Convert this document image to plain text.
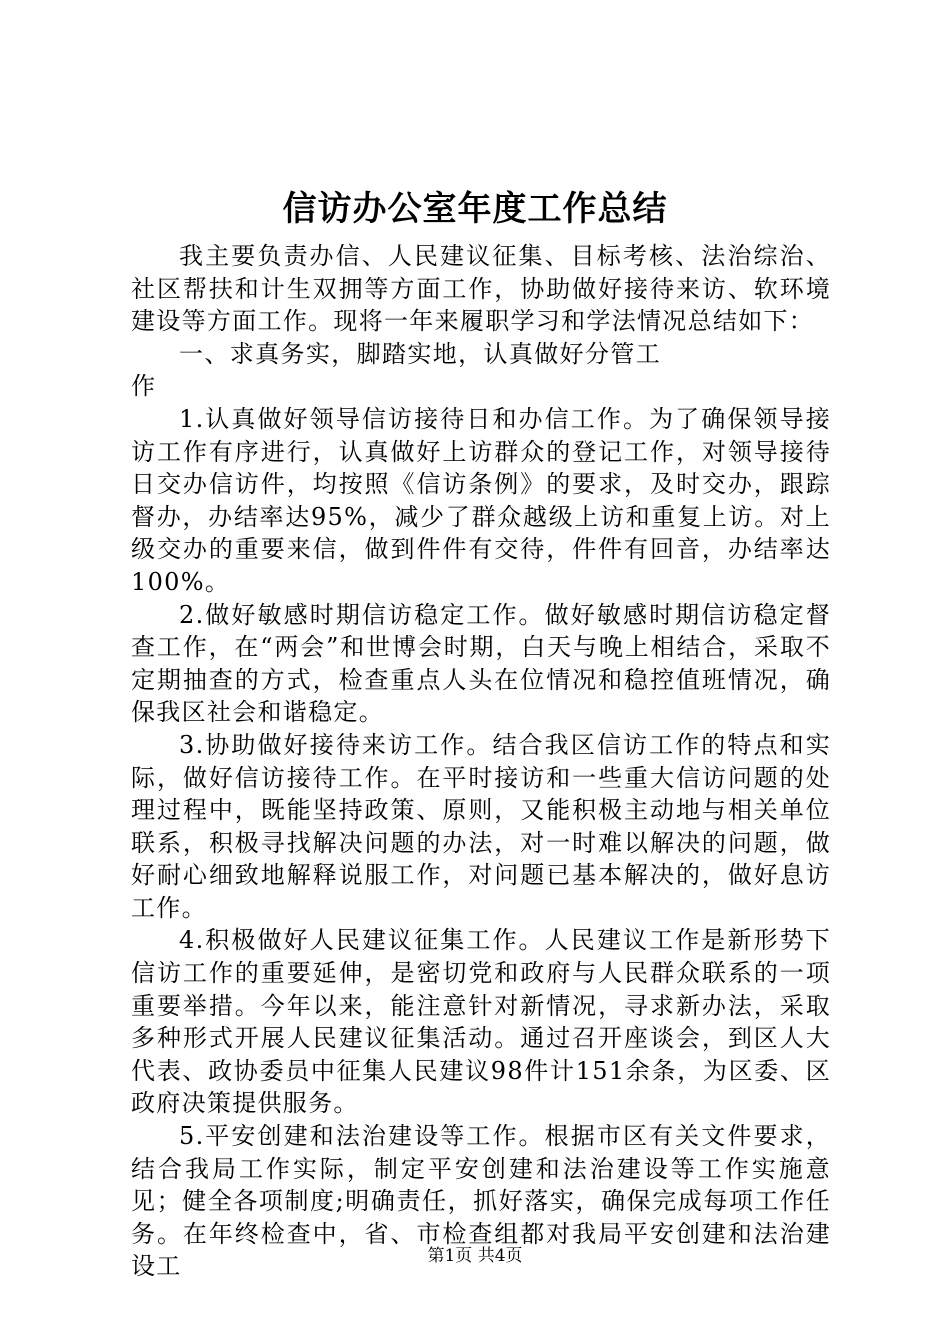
信访办公室年度工作总结

我主要负责办信、人民建议征集、目标考核、法治综治、社区帮扶和计生双拥等方面工作，协助做好接待来访、软环境建设等方面工作。现将一年来履职学习和学法情况总结如下：

一、求真务实，脚踏实地，认真做好分管工作

1.认真做好领导信访接待日和办信工作。为了确保领导接访工作有序进行，认真做好上访群众的登记工作，对领导接待日交办信访件，均按照《信访条例》的要求，及时交办，跟踪督办，办结率达95%，减少了群众越级上访和重复上访。对上级交办的重要来信，做到件件有交待，件件有回音，办结率达100%。

2.做好敏感时期信访稳定工作。做好敏感时期信访稳定督查工作，在“两会”和世博会时期，白天与晚上相结合，采取不定期抽查的方式，检查重点人头在位情况和稳控值班情况，确保我区社会和谐稳定。

3.协助做好接待来访工作。结合我区信访工作的特点和实际，做好信访接待工作。在平时接访和一些重大信访问题的处理过程中，既能坚持政策、原则，又能积极主动地与相关单位联系，积极寻找解决问题的办法，对一时难以解决的问题，做好耐心细致地解释说服工作，对问题已基本解决的，做好息访工作。

4.积极做好人民建议征集工作。人民建议工作是新形势下信访工作的重要延伸，是密切党和政府与人民群众联系的一项重要举措。今年以来，能注意针对新情况，寻求新办法，采取多种形式开展人民建议征集活动。通过召开座谈会，到区人大代表、政协委员中征集人民建议98件计151余条，为区委、区政府决策提供服务。

5.平安创建和法治建设等工作。根据市区有关文件要求，结合我局工作实际，制定平安创建和法治建设等工作实施意见；健全各项制度;明确责任，抓好落实，确保完成每项工作任务。在年终检查中，省、市检查组都对我局平安创建和法治建设工	第1页 共4页
